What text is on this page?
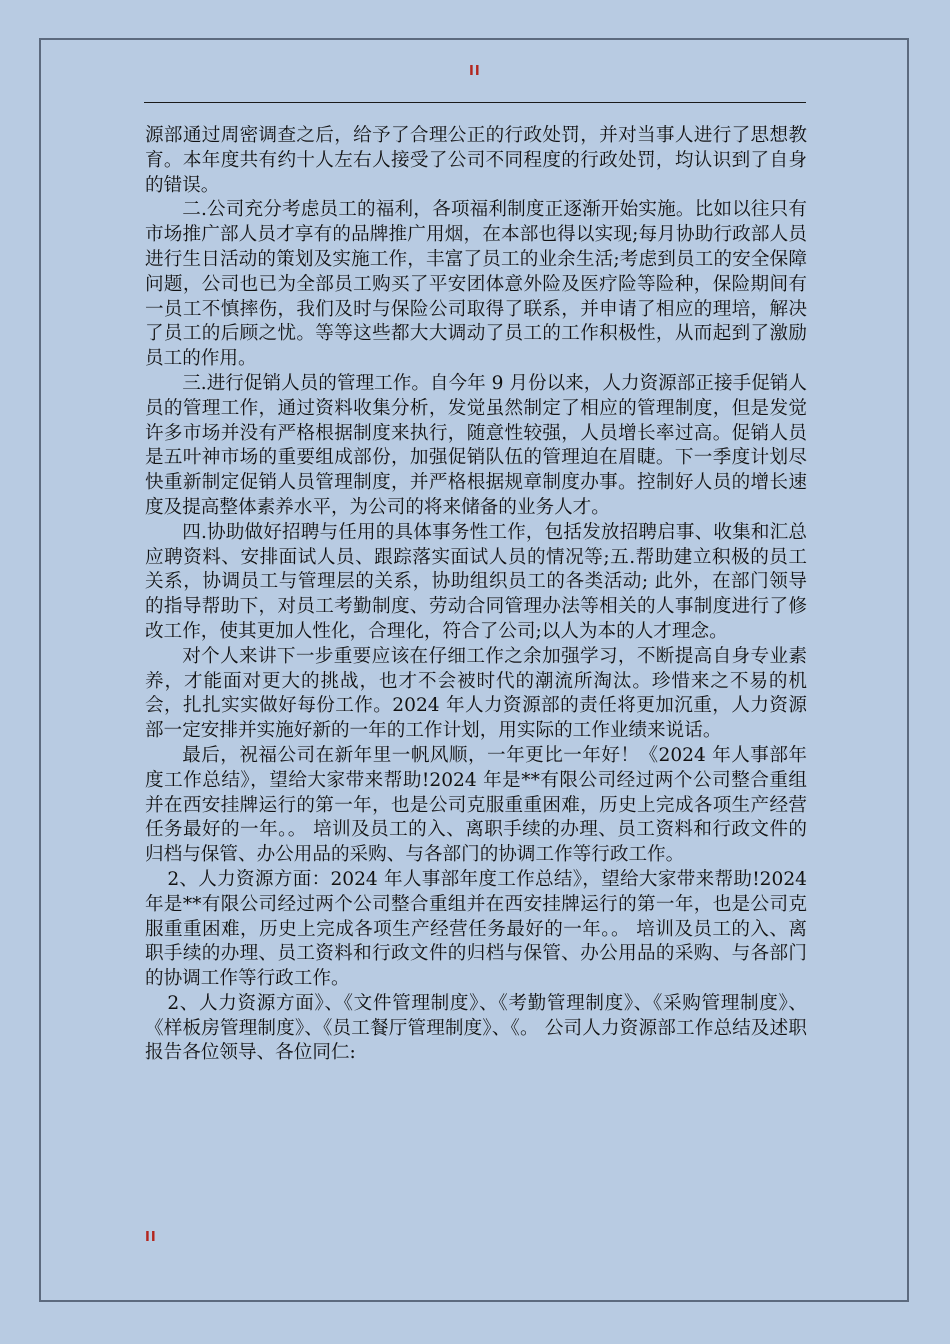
II

源部通过周密调查之后，给予了合理公正的行政处罚，并对当事人进行了思想教育。本年度共有约十人左右人接受了公司不同程度的行政处罚，均认识到了自身的错误。

二.公司充分考虑员工的福利，各项福利制度正逐渐开始实施。比如以往只有市场推广部人员才享有的品牌推广用烟，在本部也得以实现;每月协助行政部人员进行生日活动的策划及实施工作，丰富了员工的业余生活;考虑到员工的安全保障问题，公司也已为全部员工购买了平安团体意外险及医疗险等险种，保险期间有一员工不慎摔伤，我们及时与保险公司取得了联系，并申请了相应的理培，解决了员工的后顾之忧。等等这些都大大调动了员工的工作积极性，从而起到了激励员工的作用。

三.进行促销人员的管理工作。自今年 9 月份以来，人力资源部正接手促销人员的管理工作，通过资料收集分析，发觉虽然制定了相应的管理制度，但是发觉许多市场并没有严格根据制度来执行，随意性较强，人员增长率过高。促销人员是五叶神市场的重要组成部份，加强促销队伍的管理迫在眉睫。下一季度计划尽快重新制定促销人员管理制度，并严格根据规章制度办事。控制好人员的增长速度及提高整体素养水平，为公司的将来储备的业务人才。

四.协助做好招聘与任用的具体事务性工作，包括发放招聘启事、收集和汇总应聘资料、安排面试人员、跟踪落实面试人员的情况等;五.帮助建立积极的员工关系，协调员工与管理层的关系，协助组织员工的各类活动; 此外，在部门领导的指导帮助下，对员工考勤制度、劳动合同管理办法等相关的人事制度进行了修改工作，使其更加人性化，合理化，符合了公司;以人为本的人才理念。

对个人来讲下一步重要应该在仔细工作之余加强学习，不断提高自身专业素养，才能面对更大的挑战，也才不会被时代的潮流所淘汰。珍惜来之不易的机会，扎扎实实做好每份工作。2024 年人力资源部的责任将更加沉重，人力资源部一定安排并实施好新的一年的工作计划，用实际的工作业绩来说话。

最后，祝福公司在新年里一帆风顺，一年更比一年好！《2024 年人事部年度工作总结》，望给大家带来帮助!2024 年是**有限公司经过两个公司整合重组并在西安挂牌运行的第一年，也是公司克服重重困难，历史上完成各项生产经营任务最好的一年。。 培训及员工的入、离职手续的办理、员工资料和行政文件的归档与保管、办公用品的采购、与各部门的协调工作等行政工作。

2、人力资源方面：2024 年人事部年度工作总结》，望给大家带来帮助!2024 年是**有限公司经过两个公司整合重组并在西安挂牌运行的第一年，也是公司克服重重困难，历史上完成各项生产经营任务最好的一年。。 培训及员工的入、离职手续的办理、员工资料和行政文件的归档与保管、办公用品的采购、与各部门的协调工作等行政工作。

2、人力资源方面》、《文件管理制度》、《考勤管理制度》、《采购管理制度》、《样板房管理制度》、《员工餐厅管理制度》、《。 公司人力资源部工作总结及述职报告各位领导、各位同仁:

II
